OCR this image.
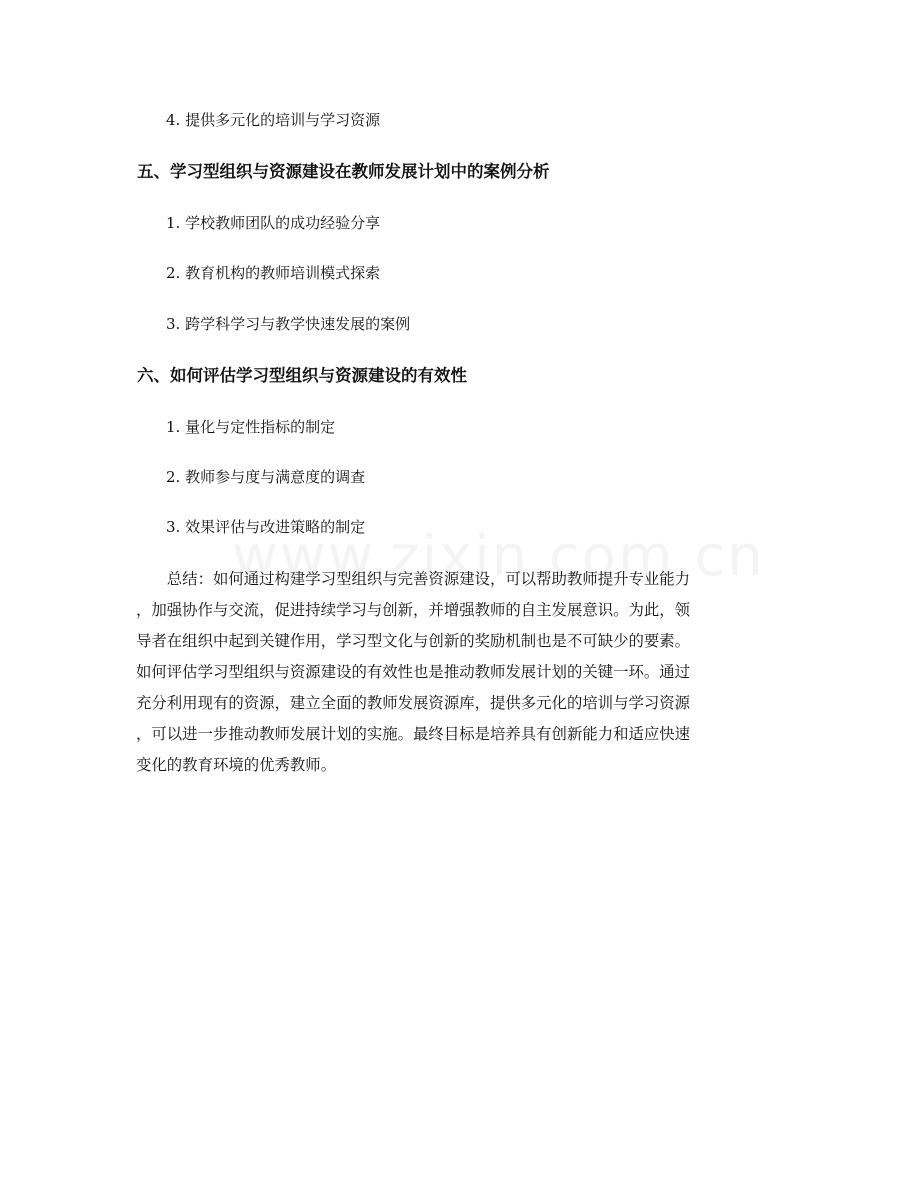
4. 提供多元化的培训与学习资源
五、学习型组织与资源建设在教师发展计划中的案例分析
1. 学校教师团队的成功经验分享
2. 教育机构的教师培训模式探索
3. 跨学科学习与教学快速发展的案例
六、如何评估学习型组织与资源建设的有效性
1. 量化与定性指标的制定
2. 教师参与度与满意度的调查
3. 效果评估与改进策略的制定
　　总结：如何通过构建学习型组织与完善资源建设，可以帮助教师提升专业能力
，加强协作与交流，促进持续学习与创新，并增强教师的自主发展意识。为此，领
导者在组织中起到关键作用，学习型文化与创新的奖励机制也是不可缺少的要素。
如何评估学习型组织与资源建设的有效性也是推动教师发展计划的关键一环。通过
充分利用现有的资源，建立全面的教师发展资源库，提供多元化的培训与学习资源
，可以进一步推动教师发展计划的实施。最终目标是培养具有创新能力和适应快速
变化的教育环境的优秀教师。
